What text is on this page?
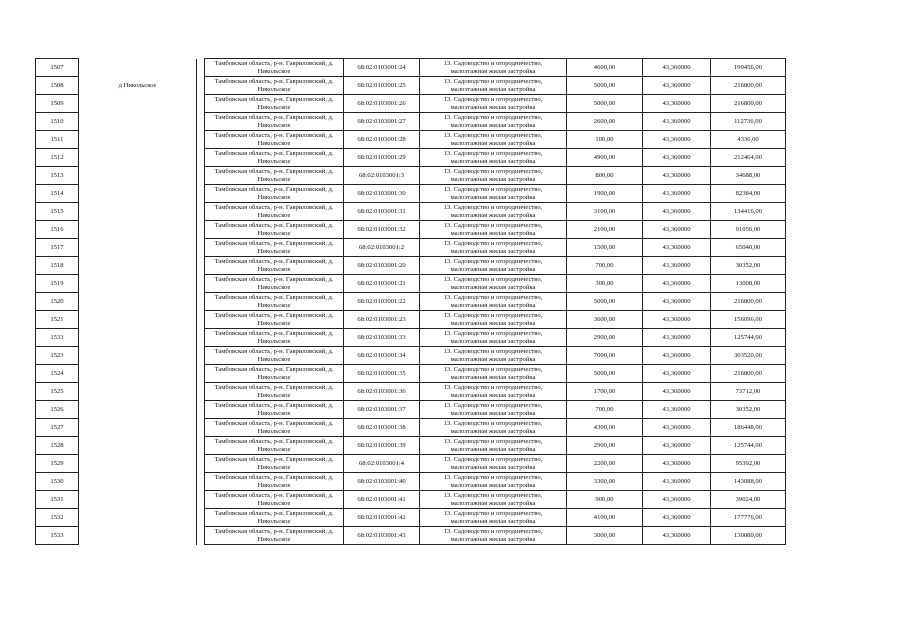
1507			Тамбовская область, р-н. Гавриловский, д.
Никольское	68:02:0103001:24	13. Садоводство и огородничество,
малоэтажная жилая застройка	4600,00	43,360000	199456,00
1508	д Никольское		Тамбовская область, р-н. Гавриловский, д.
Никольское	68:02:0103001:25	13. Садоводство и огородничество,
малоэтажная жилая застройка	5000,00	43,360000	216800,00
1509			Тамбовская область, р-н. Гавриловский, д.
Никольское	68:02:0103001:26	13. Садоводство и огородничество,
малоэтажная жилая застройка	5000,00	43,360000	216800,00
1510			Тамбовская область, р-н. Гавриловский, д.
Никольское	68:02:0103001:27	13. Садоводство и огородничество,
малоэтажная жилая застройка	2600,00	43,360000	112736,00
1511			Тамбовская область, р-н. Гавриловский, д.
Никольское	68:02:0103001:28	13. Садоводство и огородничество,
малоэтажная жилая застройка	100,00	43,360000	4336,00
1512			Тамбовская область, р-н. Гавриловский, д.
Никольское	68:02:0103001:29	13. Садоводство и огородничество,
малоэтажная жилая застройка	4900,00	43,360000	212464,00
1513			Тамбовская область, р-н. Гавриловский, д.
Никольское	68:02:0103001:3	13. Садоводство и огородничество,
малоэтажная жилая застройка	800,00	43,360000	34688,00
1514			Тамбовская область, р-н. Гавриловский, д.
Никольское	68:02:0103001:30	13. Садоводство и огородничество,
малоэтажная жилая застройка	1900,00	43,360000	82384,00
1515			Тамбовская область, р-н. Гавриловский, д.
Никольское	68:02:0103001:31	13. Садоводство и огородничество,
малоэтажная жилая застройка	3100,00	43,360000	134416,00
1516			Тамбовская область, р-н. Гавриловский, д.
Никольское	68:02:0103001:32	13. Садоводство и огородничество,
малоэтажная жилая застройка	2100,00	43,360000	91056,00
1517			Тамбовская область, р-н. Гавриловский, д.
Никольское	68:02:0103001:2	13. Садоводство и огородничество,
малоэтажная жилая застройка	1500,00	43,360000	65040,00
1518			Тамбовская область, р-н. Гавриловский, д.
Никольское	68:02:0103001:20	13. Садоводство и огородничество,
малоэтажная жилая застройка	700,00	43,360000	30352,00
1519			Тамбовская область, р-н. Гавриловский, д.
Никольское	68:02:0103001:21	13. Садоводство и огородничество,
малоэтажная жилая застройка	300,00	43,360000	13008,00
1520			Тамбовская область, р-н. Гавриловский, д.
Никольское	68:02:0103001:22	13. Садоводство и огородничество,
малоэтажная жилая застройка	5000,00	43,360000	216800,00
1521			Тамбовская область, р-н. Гавриловский, д.
Никольское	68:02:0103001:23	13. Садоводство и огородничество,
малоэтажная жилая застройка	3600,00	43,360000	156096,00
1533			Тамбовская область, р-н. Гавриловский, д.
Никольское	68:02:0103001:33	13. Садоводство и огородничество,
малоэтажная жилая застройка	2900,00	43,360000	125744,00
1523			Тамбовская область, р-н. Гавриловский, д.
Никольское	68:02:0103001:34	13. Садоводство и огородничество,
малоэтажная жилая застройка	7000,00	43,360000	303520,00
1524			Тамбовская область, р-н. Гавриловский, д.
Никольское	68:02:0103001:35	13. Садоводство и огородничество,
малоэтажная жилая застройка	5000,00	43,360000	216800,00
1525			Тамбовская область, р-н. Гавриловский, д.
Никольское	68:02:0103001:36	13. Садоводство и огородничество,
малоэтажная жилая застройка	1700,00	43,360000	73712,00
1526			Тамбовская область, р-н. Гавриловский, д.
Никольское	68:02:0103001:37	13. Садоводство и огородничество,
малоэтажная жилая застройка	700,00	43,360000	30352,00
1527			Тамбовская область, р-н. Гавриловский, д.
Никольское	68:02:0103001:38	13. Садоводство и огородничество,
малоэтажная жилая застройка	4300,00	43,360000	186448,00
1528			Тамбовская область, р-н. Гавриловский, д.
Никольское	68:02:0103001:39	13. Садоводство и огородничество,
малоэтажная жилая застройка	2900,00	43,360000	125744,00
1529			Тамбовская область, р-н. Гавриловский, д.
Никольское	68:02:0103001:4	13. Садоводство и огородничество,
малоэтажная жилая застройка	2200,00	43,360000	95392,00
1530			Тамбовская область, р-н. Гавриловский, д.
Никольское	68:02:0103001:40	13. Садоводство и огородничество,
малоэтажная жилая застройка	3300,00	43,360000	143088,00
1531			Тамбовская область, р-н. Гавриловский, д.
Никольское	68:02:0103001:41	13. Садоводство и огородничество,
малоэтажная жилая застройка	900,00	43,360000	39024,00
1532			Тамбовская область, р-н. Гавриловский, д.
Никольское	68:02:0103001:42	13. Садоводство и огородничество,
малоэтажная жилая застройка	4100,00	43,360000	177776,00
1533			Тамбовская область, р-н. Гавриловский, д.
Никольское	68:02:0103001:43	13. Садоводство и огородничество,
малоэтажная жилая застройка	3000,00	43,360000	130080,00
